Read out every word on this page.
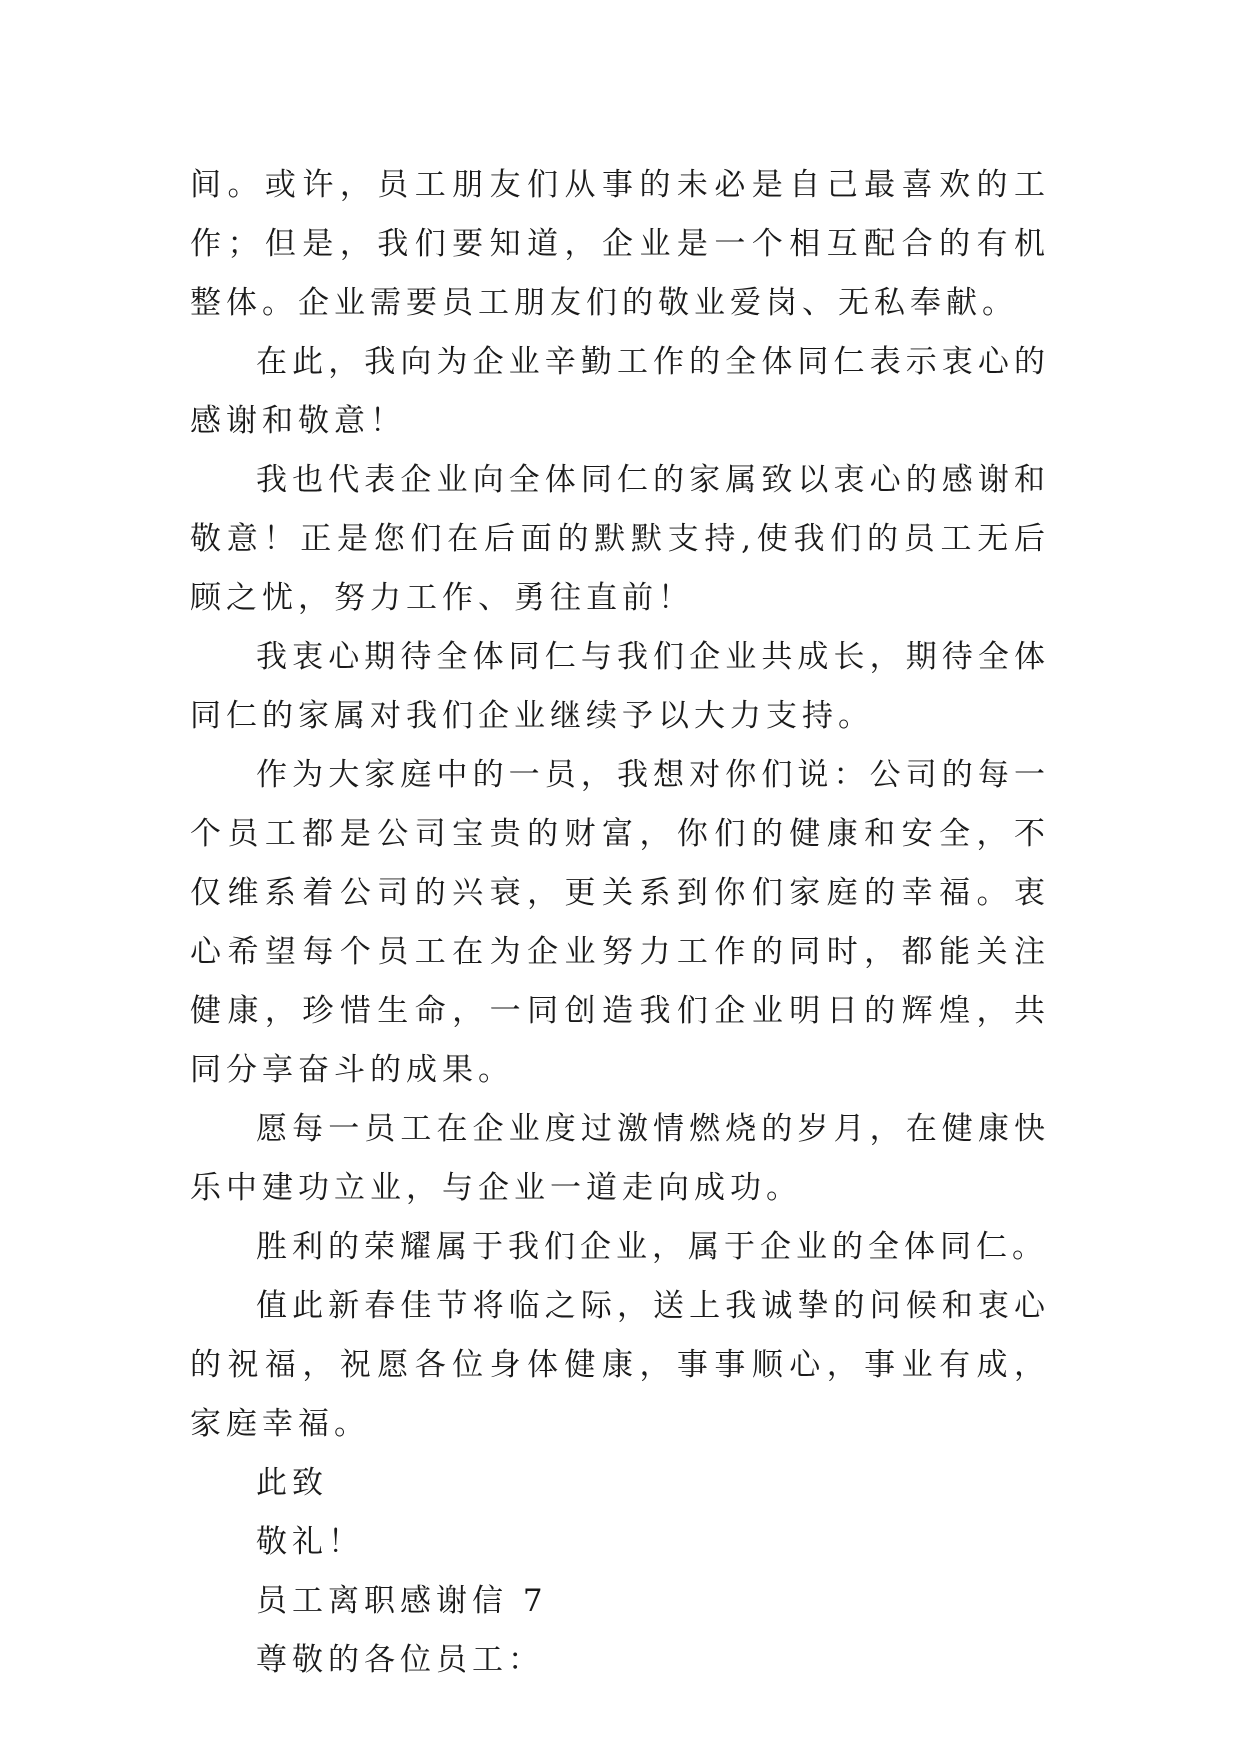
间。或许，员工朋友们从事的未必是自己最喜欢的工作；但是，我们要知道，企业是一个相互配合的有机整体。企业需要员工朋友们的敬业爱岗、无私奉献。

在此，我向为企业辛勤工作的全体同仁表示衷心的感谢和敬意！

我也代表企业向全体同仁的家属致以衷心的感谢和敬意！正是您们在后面的默默支持,使我们的员工无后顾之忧，努力工作、勇往直前！

我衷心期待全体同仁与我们企业共成长，期待全体同仁的家属对我们企业继续予以大力支持。

作为大家庭中的一员，我想对你们说：公司的每一个员工都是公司宝贵的财富，你们的健康和安全，不仅维系着公司的兴衰，更关系到你们家庭的幸福。衷心希望每个员工在为企业努力工作的同时，都能关注健康，珍惜生命，一同创造我们企业明日的辉煌，共同分享奋斗的成果。

愿每一员工在企业度过激情燃烧的岁月，在健康快乐中建功立业，与企业一道走向成功。

胜利的荣耀属于我们企业，属于企业的全体同仁。

值此新春佳节将临之际，送上我诚挚的问候和衷心的祝福，祝愿各位身体健康，事事顺心，事业有成，家庭幸福。

此致

敬礼！

员工离职感谢信 7

尊敬的各位员工：
